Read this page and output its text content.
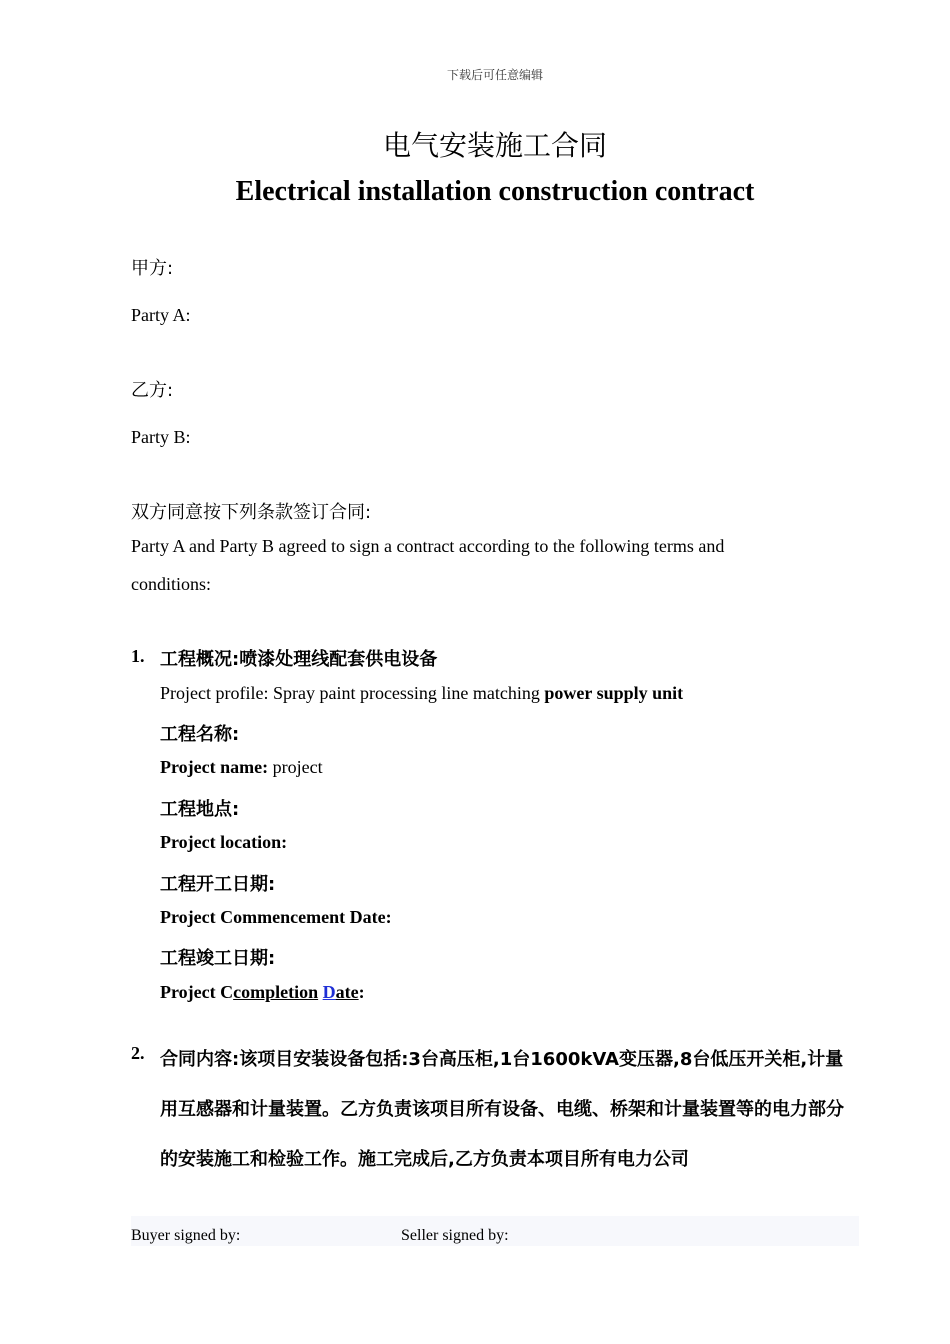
下载后可任意编辑
电气安装施工合同
Electrical installation construction contract
甲方:
Party A:
乙方:
Party B:
双方同意按下列条款签订合同:
Party A and Party B agreed to sign a contract according to the following terms and
conditions:
1. 工程概况:喷漆处理线配套供电设备
Project profile: Spray paint processing line matching power supply unit
工程名称:
Project name: project
工程地点:
Project location:
工程开工日期:
Project Commencement Date:
工程竣工日期:
Project Ccompletion Date:
2. 合同内容:该项目安装设备包括:3台高压柜,1台1600kVA变压器,8台低压开关柜,计量用互感器和计量装置。乙方负责该项目所有设备、电缆、桥架和计量装置等的电力部分的安装施工和检验工作。施工完成后,乙方负责本项目所有电力公司
Buyer signed by:	Seller signed by:
